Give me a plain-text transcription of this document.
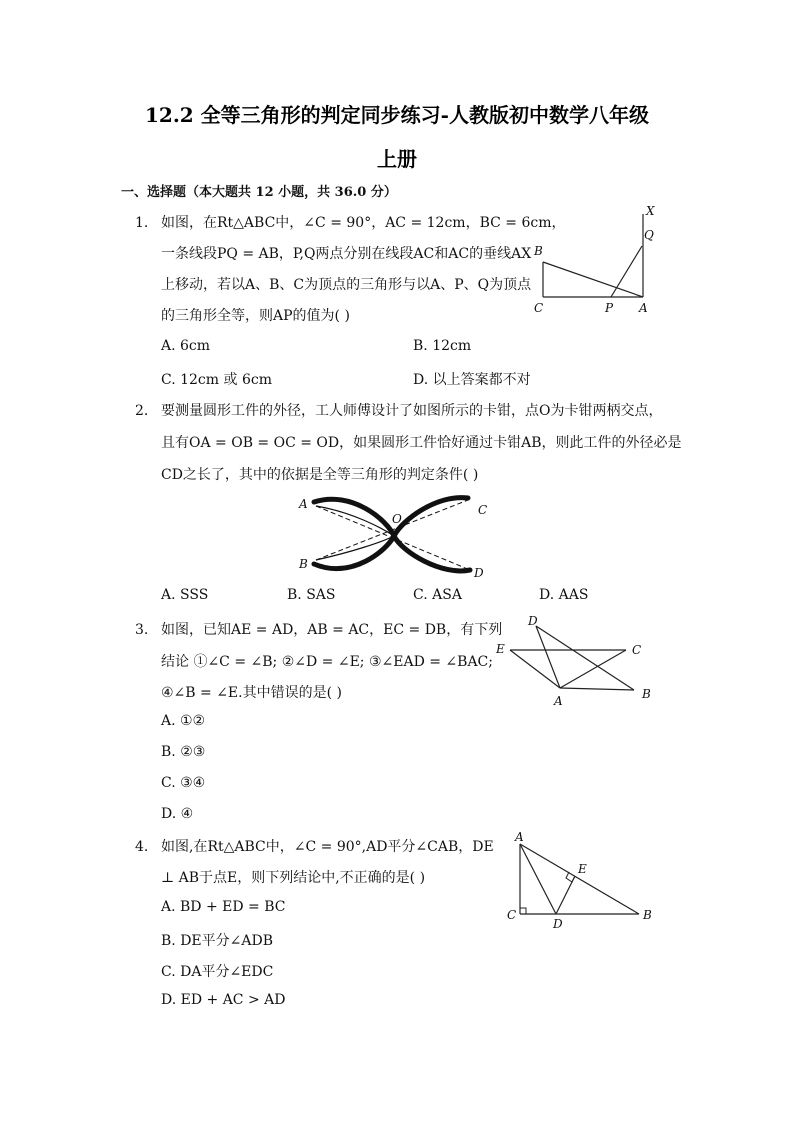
12.2 全等三角形的判定同步练习-人教版初中数学八年级
上册
一、选择题（本大题共 12 小题，共 36.0 分）
1. 如图，在Rt△ABC中，∠C = 90°，AC = 12cm，BC = 6cm，
一条线段PQ = AB，P,Q两点分别在线段AC和AC的垂线AX
上移动，若以A、B、C为顶点的三角形与以A、P、Q为顶点
的三角形全等，则AP的值为( )
A. 6cm	B. 12cm
C. 12cm 或 6cm	D. 以上答案都不对
X
Q
B
C	P A
2. 要测量圆形工件的外径，工人师傅设计了如图所示的卡钳，点O为卡钳两柄交点，
且有OA = OB = OC = OD，如果圆形工件恰好通过卡钳AB，则此工件的外径必是
CD之长了，其中的依据是全等三角形的判定条件( )
A
B
O
C
D
A. SSS	B. SAS	C. ASA	D. AAS
3. 如图，已知AE = AD，AB = AC，EC = DB，有下列
结论 ①∠C = ∠B; ②∠D = ∠E; ③∠EAD = ∠BAC;
④∠B = ∠E.其中错误的是( )
A. ①②
B. ②③
C. ③④
D. ④
D
E	C
A	B
4. 如图,在Rt△ABC中，∠C = 90°,AD平分∠CAB，DE
⊥ AB于点E，则下列结论中,不正确的是( )
A. BD + ED = BC
B. DE平分∠ADB
C. DA平分∠EDC
D. ED + AC > AD
A
E
C
D
B
